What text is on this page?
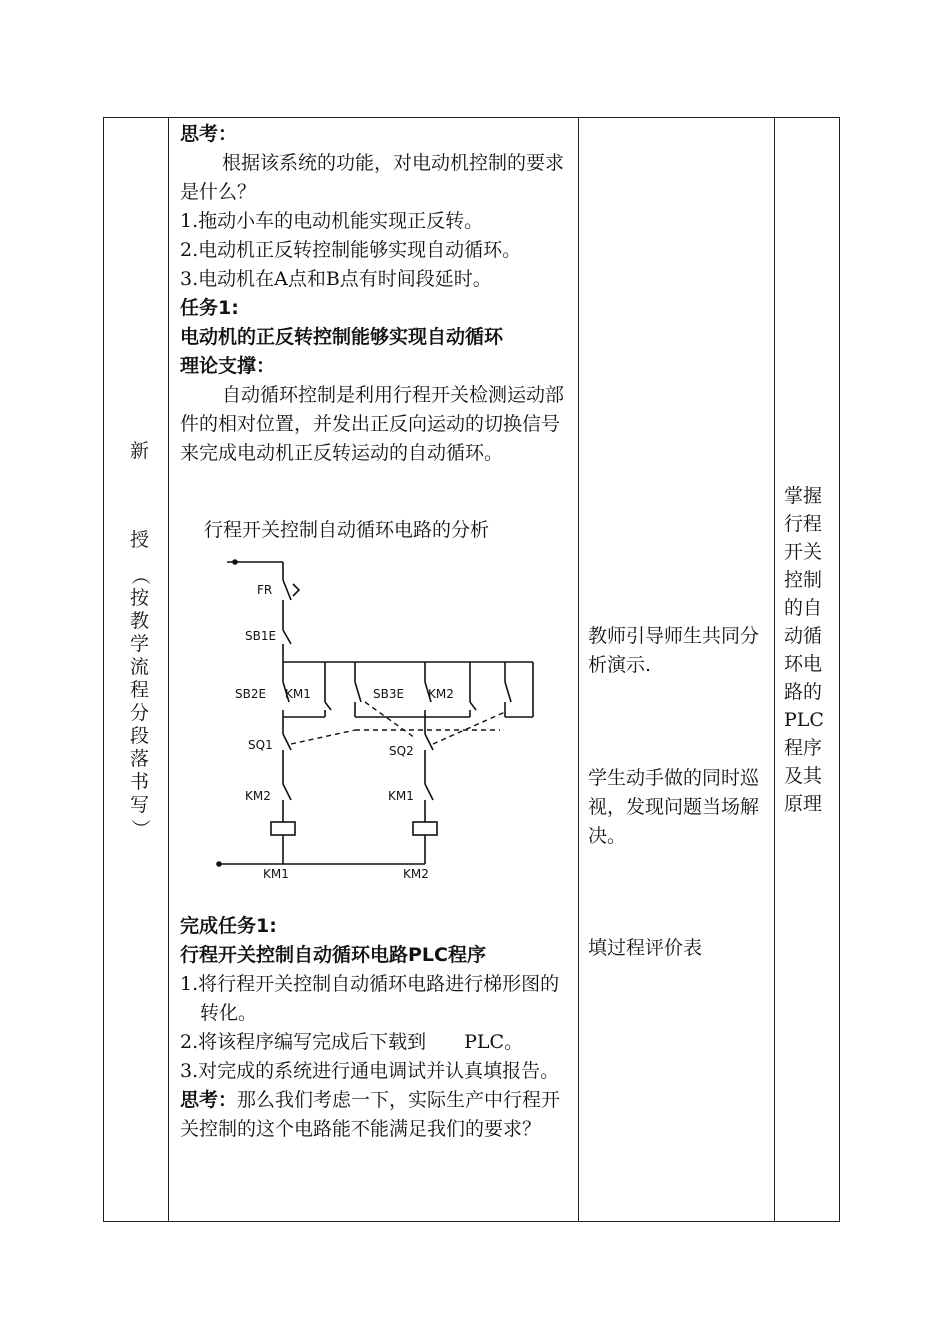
新
授
（
按
教
学
流
程
分
段
落
书
写
）

思考：

根据该系统的功能，对电动机控制的要求是什么？

1.拖动小车的电动机能实现正反转。

2.电动机正反转控制能够实现自动循环。

3.电动机在A点和B点有时间段延时。

任务1:

电动机的正反转控制能够实现自动循环

理论支撑：

自动循环控制是利用行程开关检测运动部件的相对位置，并发出正反向运动的切换信号来完成电动机正反转运动的自动循环。

行程开关控制自动循环电路的分析
FR
SB1E
SB2E KM1	SB3E KM2
SQ1	SQ2
KM2	KM1
KM1	KM2

完成任务1:

行程开关控制自动循环电路PLC程序

1.将行程开关控制自动循环电路进行梯形图的转化。

2.将该程序编写完成后下载到　　PLC。

3.对完成的系统进行通电调试并认真填报告。

思考：那么我们考虑一下，实际生产中行程开关控制的这个电路能不能满足我们的要求？

教师引导师生共同分析演示.

学生动手做的同时巡视，发现问题当场解决。

填过程评价表

掌握行程开关控制的自动循环电路的PLC程序及其原理
